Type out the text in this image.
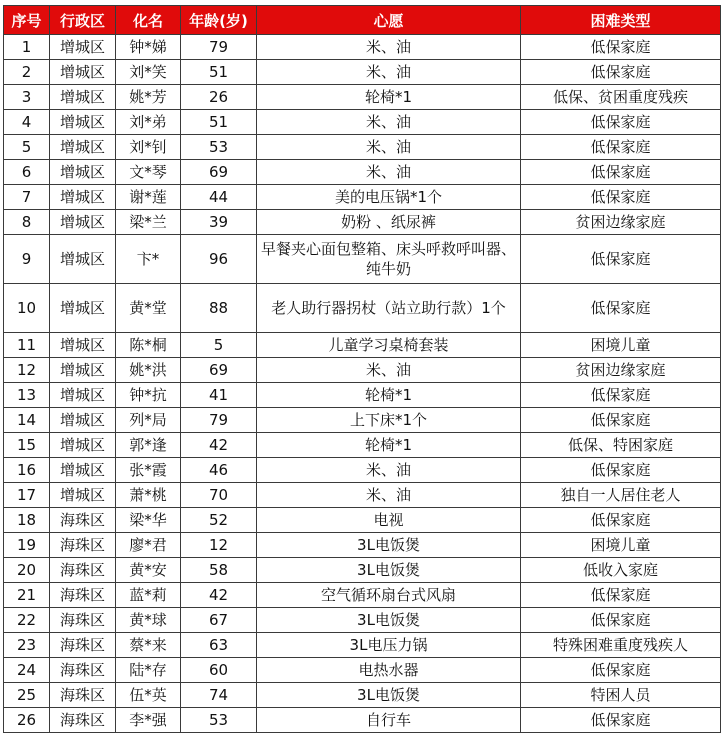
序号	行政区	化名	年龄(岁)	心愿	困难类型
1	增城区	钟*娣	79	米、油	低保家庭
2	增城区	刘*笑	51	米、油	低保家庭
3	增城区	姚*芳	26	轮椅*1	低保、贫困重度残疾
4	增城区	刘*弟	51	米、油	低保家庭
5	增城区	刘*钊	53	米、油	低保家庭
6	增城区	文*琴	69	米、油	低保家庭
7	增城区	谢*莲	44	美的电压锅*1个	低保家庭
8	增城区	梁*兰	39	奶粉 、纸尿裤	贫困边缘家庭
9	增城区	卞*	96	早餐夹心面包整箱、床头呼救呼叫器、纯牛奶	低保家庭
10	增城区	黄*堂	88	老人助行器拐杖（站立助行款）1个	低保家庭
11	增城区	陈*桐	5	儿童学习桌椅套装	困境儿童
12	增城区	姚*洪	69	米、油	贫困边缘家庭
13	增城区	钟*抗	41	轮椅*1	低保家庭
14	增城区	列*局	79	上下床*1个	低保家庭
15	增城区	郭*逢	42	轮椅*1	低保、特困家庭
16	增城区	张*霞	46	米、油	低保家庭
17	增城区	萧*桃	70	米、油	独自一人居住老人
18	海珠区	梁*华	52	电视	低保家庭
19	海珠区	廖*君	12	3L电饭煲	困境儿童
20	海珠区	黄*安	58	3L电饭煲	低收入家庭
21	海珠区	蓝*莉	42	空气循环扇台式风扇	低保家庭
22	海珠区	黄*球	67	3L电饭煲	低保家庭
23	海珠区	蔡*来	63	3L电压力锅	特殊困难重度残疾人
24	海珠区	陆*存	60	电热水器	低保家庭
25	海珠区	伍*英	74	3L电饭煲	特困人员
26	海珠区	李*强	53	自行车	低保家庭
